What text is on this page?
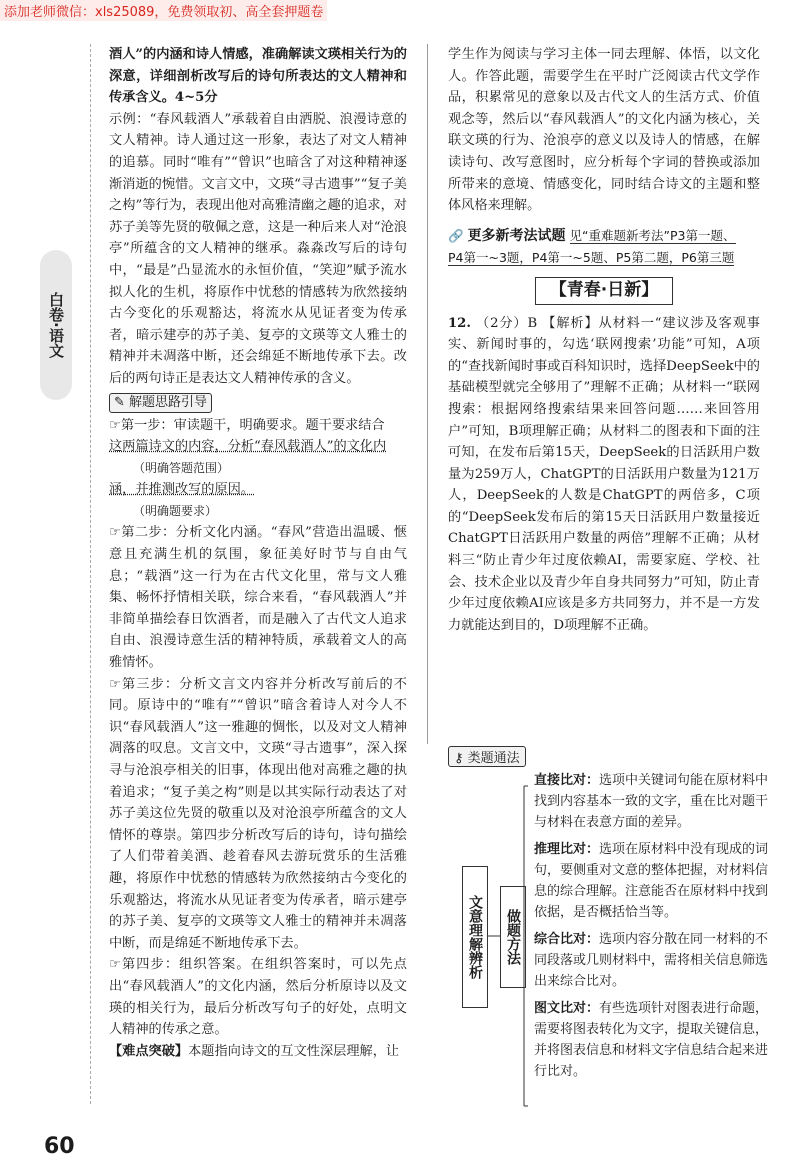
添加老师微信：xls25089，免费领取初、高全套押题卷
白卷·语文

酒人”的内涵和诗人情感，准确解读文瑛相关行为的深意，详细剖析改写后的诗句所表达的文人精神和传承含义。4~5分

示例：“春风载酒人”承载着自由洒脱、浪漫诗意的文人精神。诗人通过这一形象，表达了对文人精神的追慕。同时“唯有”“曾识”也暗含了对这种精神逐渐消逝的惋惜。文言文中，文瑛“寻古遗事”“复子美之构”等行为，表现出他对高雅清幽之趣的追求，对苏子美等先贤的敬佩之意，这是一种后来人对“沧浪亭”所蕴含的文人精神的继承。淼淼改写后的诗句中，“最是”凸显流水的永恒价值，“笑迎”赋予流水拟人化的生机，将原作中忧愁的情感转为欣然接纳古今变化的乐观豁达，将流水从见证者变为传承者，暗示建亭的苏子美、复亭的文瑛等文人雅士的精神并未凋落中断，还会绵延不断地传承下去。改后的两句诗正是表达文人精神传承的含义。

✎ 解题思路引导

☞第一步：审读题干，明确要求。题干要求结合

这两篇诗文的内容，分析“春风载酒人”的文化内

（明确答题范围）

涵，并推测改写的原因。

（明确题要求）

☞第二步：分析文化内涵。“春风”营造出温暖、惬意且充满生机的氛围，象征美好时节与自由气息；“载酒”这一行为在古代文化里，常与文人雅集、畅怀抒情相关联，综合来看，“春风载酒人”并非简单描绘春日饮酒者，而是融入了古代文人追求自由、浪漫诗意生活的精神特质，承载着文人的高雅情怀。

☞第三步：分析文言文内容并分析改写前后的不同。原诗中的“唯有”“曾识”暗含着诗人对今人不识“春风载酒人”这一雅趣的惆怅，以及对文人精神凋落的叹息。文言文中，文瑛“寻古遗事”，深入探寻与沧浪亭相关的旧事，体现出他对高雅之趣的执着追求；“复子美之构”则是以其实际行动表达了对苏子美这位先贤的敬重以及对沧浪亭所蕴含的文人情怀的尊崇。第四步分析改写后的诗句，诗句描绘了人们带着美酒、趁着春风去游玩赏乐的生活雅趣，将原作中忧愁的情感转为欣然接纳古今变化的乐观豁达，将流水从见证者变为传承者，暗示建亭的苏子美、复亭的文瑛等文人雅士的精神并未凋落中断，而是绵延不断地传承下去。

☞第四步：组织答案。在组织答案时，可以先点出“春风载酒人”的文化内涵，然后分析原诗以及文瑛的相关行为，最后分析改写句子的好处，点明文人精神的传承之意。

【难点突破】本题指向诗文的互文性深层理解，让

学生作为阅读与学习主体一同去理解、体悟，以文化人。作答此题，需要学生在平时广泛阅读古代文学作品，积累常见的意象以及古代文人的生活方式、价值观念等，然后以“春风载酒人”的文化内涵为核心，关联文瑛的行为、沧浪亭的意义以及诗人的情感，在解读诗句、改写意图时，应分析每个字词的替换或添加所带来的意境、情感变化，同时结合诗文的主题和整体风格来理解。

🔗 更多新考法试题 见“重难题新考法”P3第一题、
P4第一~3题，P4第一~5题、P5第二题，P6第三题
【青春·日新】

12. （2分）B 【解析】从材料一“建议涉及客观事实、新闻时事的，勾选‘联网搜索’功能”可知，A项的“查找新闻时事或百科知识时，选择DeepSeek中的基础模型就完全够用了”理解不正确；从材料一“联网搜索：根据网络搜索结果来回答问题……来回答用户”可知，B项理解正确；从材料二的图表和下面的注可知，在发布后第15天，DeepSeek的日活跃用户数量为259万人，ChatGPT的日活跃用户数量为121万人，DeepSeek的人数是ChatGPT的两倍多，C项的“DeepSeek发布后的第15天日活跃用户数量接近ChatGPT日活跃用户数量的两倍”理解不正确；从材料三“防止青少年过度依赖AI，需要家庭、学校、社会、技术企业以及青少年自身共同努力”可知，防止青少年过度依赖AI应该是多方共同努力，并不是一方发力就能达到目的，D项理解不正确。

⚷ 类题通法
文意理解辨析	做题方法

直接比对：选项中关键词句能在原材料中找到内容基本一致的文字，重在比对题干与材料在表意方面的差异。

推理比对：选项在原材料中没有现成的词句，要侧重对文意的整体把握，对材料信息的综合理解。注意能否在原材料中找到依据，是否概括恰当等。

综合比对：选项内容分散在同一材料的不同段落或几则材料中，需将相关信息筛选出来综合比对。

图文比对：有些选项针对图表进行命题，需要将图表转化为文字，提取关键信息，并将图表信息和材料文字信息结合起来进行比对。

60
